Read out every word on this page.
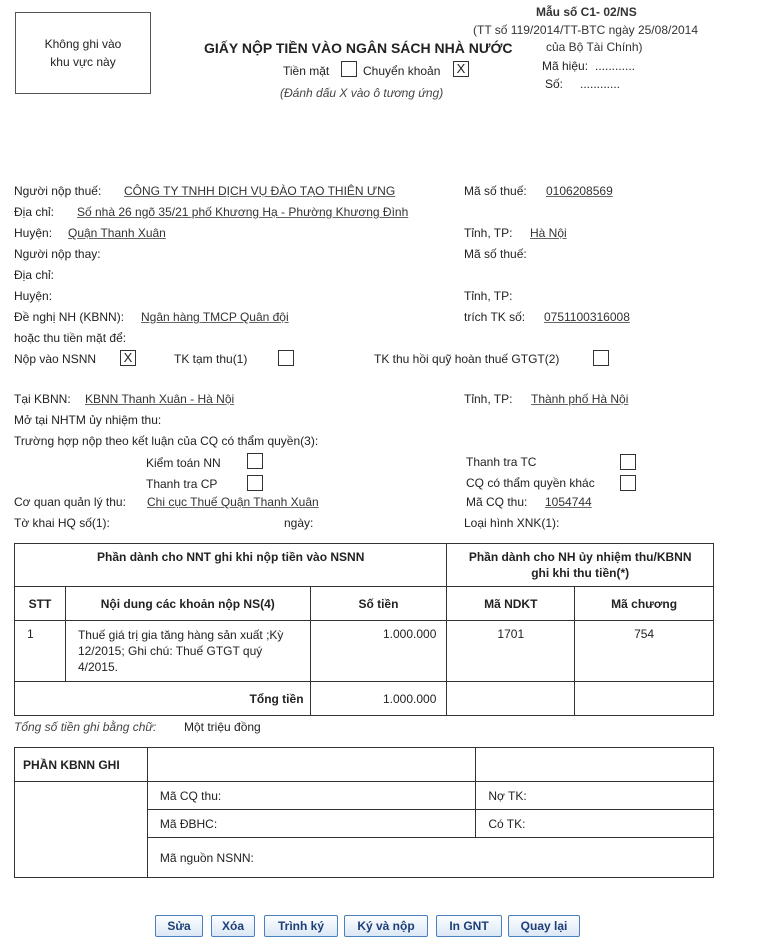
Không ghi vào
khu vực này
GIẤY NỘP TIỀN VÀO NGÂN SÁCH NHÀ NƯỚC
Mẫu số C1- 02/NS
(TT số 119/2014/TT-BTC ngày 25/08/2014
của Bộ Tài Chính)
Mã hiệu: ............
Số: ............
Tiền mặt	Chuyển khoản X
(Đánh dấu X vào ô tương ứng)
Người nộp thuế: CÔNG TY TNHH DỊCH VỤ ĐÀO TẠO THIÊN ƯNG	Mã số thuế: 0106208569
Địa chỉ: Số nhà 26 ngõ 35/21 phố Khương Hạ - Phường Khương Đình
Huyện: Quận Thanh Xuân	Tỉnh, TP: Hà Nội
Người nộp thay:	Mã số thuế:
Địa chỉ:
Huyện:	Tỉnh, TP:
Đề nghị NH (KBNN): Ngân hàng TMCP Quân đội	trích TK số: 0751100316008
hoặc thu tiền mặt để:
Nộp vào NSNN X	TK tạm thu(1)	TK thu hồi quỹ hoàn thuế GTGT(2)
Tại KBNN: KBNN Thanh Xuân - Hà Nội	Tỉnh, TP: Thành phố Hà Nội
Mở tại NHTM ủy nhiệm thu:
Trường hợp nộp theo kết luận của CQ có thẩm quyền(3):
Kiểm toán NN	Thanh tra TC
Thanh tra CP	CQ có thẩm quyền khác
Cơ quan quản lý thu: Chi cục Thuế Quận Thanh Xuân	Mã CQ thu: 1054744
Tờ khai HQ số(1):	ngày:	Loại hình XNK(1):
Phần dành cho NNT ghi khi nộp tiền vào NSNN			Phần dành cho NH ủy nhiệm thu/KBNN ghi khi thu tiền(*)	
STT	Nội dung các khoản nộp NS(4)	Số tiền	Mã NDKT	Mã chương
1	Thuế giá trị gia tăng hàng sản xuất ;Kỳ 12/2015; Ghi chú: Thuế GTGT quý 4/2015.	1.000.000	1701	754
Tổng tiền		1.000.000		
Tổng số tiền ghi bằng chữ: Một triệu đồng
PHẦN KBNN GHI		
	Mã CQ thu:	Nợ TK:
	Mã ĐBHC:	Có TK:
	Mã nguồn NSNN:	
Sửa	Xóa	Trình ký	Ký và nộp	In GNT	Quay lại
